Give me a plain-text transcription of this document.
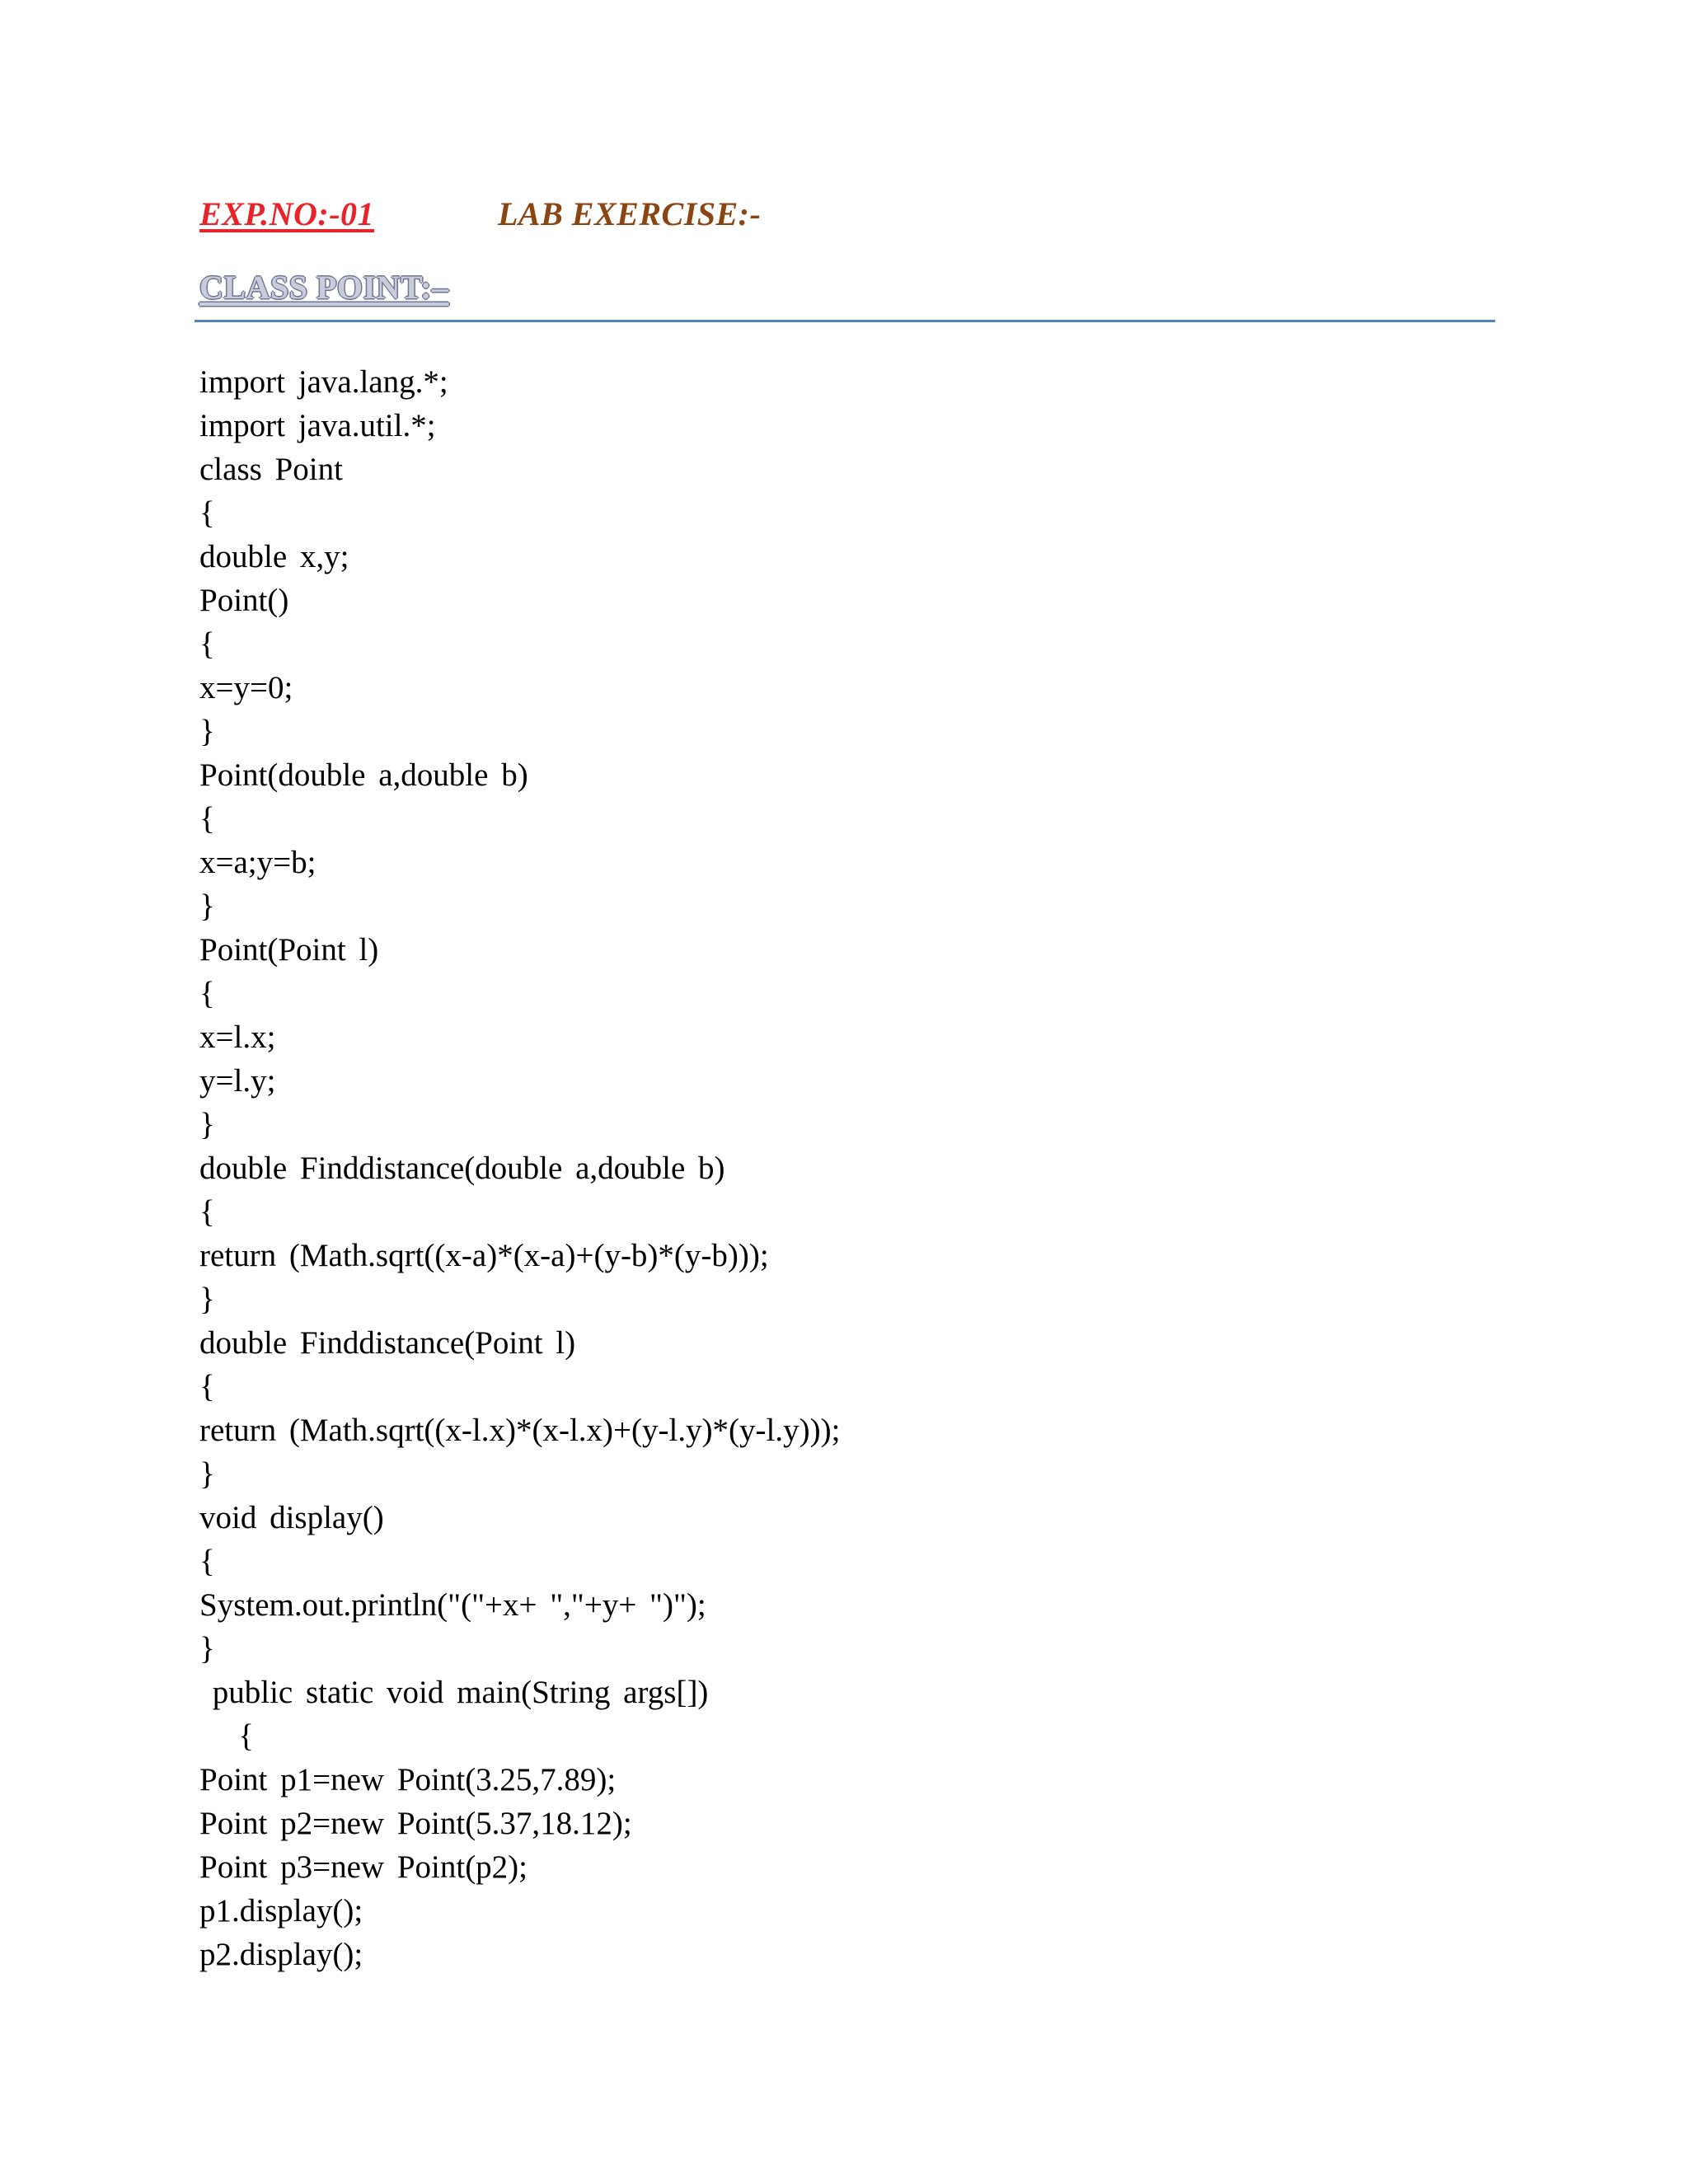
EXP.NO:-01	LAB EXERCISE:-
CLASS POINT:–
import java.lang.*;
import java.util.*;
class Point
{
double x,y;
Point()
{
x=y=0;
}
Point(double a,double b)
{
x=a;y=b;
}
Point(Point l)
{
x=l.x;
y=l.y;
}
double Finddistance(double a,double b)
{
return (Math.sqrt((x-a)*(x-a)+(y-b)*(y-b)));
}
double Finddistance(Point l)
{
return (Math.sqrt((x-l.x)*(x-l.x)+(y-l.y)*(y-l.y)));
}
void display()
{
System.out.println("("+x+ ","+y+ ")");
}
public static void main(String args[])
{
Point p1=new Point(3.25,7.89);
Point p2=new Point(5.37,18.12);
Point p3=new Point(p2);
p1.display();
p2.display();
